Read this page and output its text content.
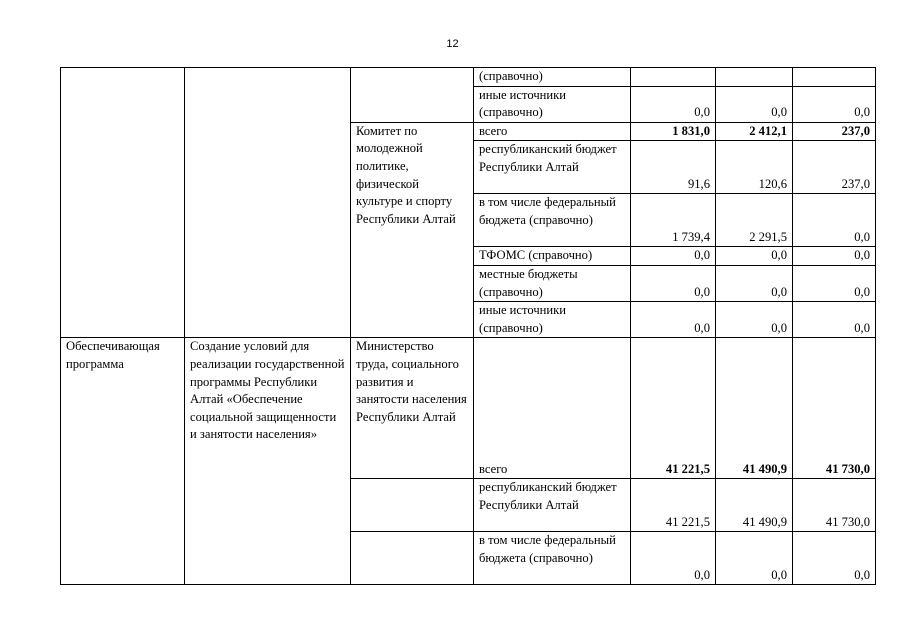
12
			(справочно)			
			иные источники (справочно)	0,0	0,0	0,0
		Комитет по молодежной политике, физической культуре и спорту Республики Алтай	всего	1 831,0	2 412,1	237,0
			республиканский бюджет Республики Алтай	91,6	120,6	237,0
			в том числе федеральный бюджета (справочно)	1 739,4	2 291,5	0,0
			ТФОМС (справочно)	0,0	0,0	0,0
			местные бюджеты (справочно)	0,0	0,0	0,0
			иные источники (справочно)	0,0	0,0	0,0
Обеспечивающая программа	Создание условий для реализации государственной программы Республики Алтай «Обеспечение социальной защищенности и занятости населения»	Министерство труда, социального развития и занятости населения Республики Алтай	всего	41 221,5	41 490,9	41 730,0
			республиканский бюджет Республики Алтай	41 221,5	41 490,9	41 730,0
			в том числе федеральный бюджета (справочно)	0,0	0,0	0,0
